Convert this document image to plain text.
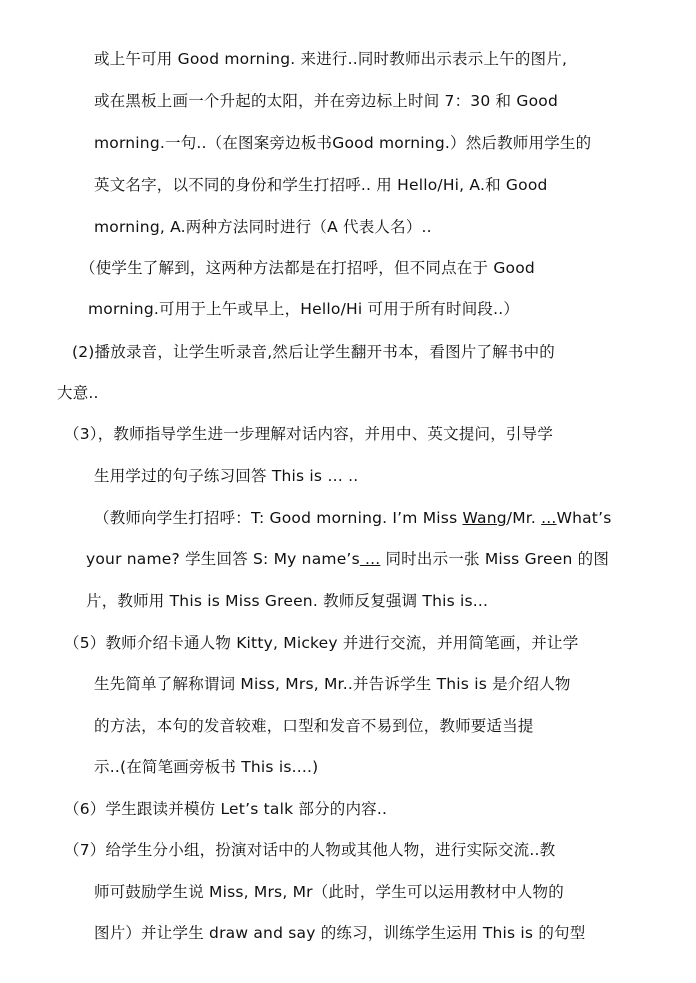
或上午可用 Good morning. 来进行..同时教师出示表示上午的图片,
或在黑板上画一个升起的太阳，并在旁边标上时间 7：30 和 Good
morning.一句..（在图案旁边板书Good morning.）然后教师用学生的
英文名字，以不同的身份和学生打招呼.. 用 Hello/Hi, A.和 Good
morning, A.两种方法同时进行（A 代表人名）..
（使学生了解到，这两种方法都是在打招呼，但不同点在于 Good
morning.可用于上午或早上，Hello/Hi 可用于所有时间段..）
(2)播放录音，让学生听录音,然后让学生翻开书本，看图片了解书中的
大意..
（3），教师指导学生进一步理解对话内容，并用中、英文提问，引导学
生用学过的句子练习回答 This is … ..
（教师向学生打招呼：T: Good morning. I’m Miss Wang/Mr. ...What’s
your name? 学生回答 S: My name’s ... 同时出示一张 Miss Green 的图
片，教师用 This is Miss Green. 教师反复强调 This is...
（5）教师介绍卡通人物 Kitty, Mickey 并进行交流，并用简笔画，并让学
生先简单了解称谓词 Miss, Mrs, Mr..并告诉学生 This is 是介绍人物
的方法，本句的发音较难，口型和发音不易到位，教师要适当提
示..(在简笔画旁板书 This is....)
（6）学生跟读并模仿 Let’s talk 部分的内容..
（7）给学生分小组，扮演对话中的人物或其他人物，进行实际交流..教
师可鼓励学生说 Miss, Mrs, Mr（此时，学生可以运用教材中人物的
图片）并让学生 draw and say 的练习，训练学生运用 This is 的句型
